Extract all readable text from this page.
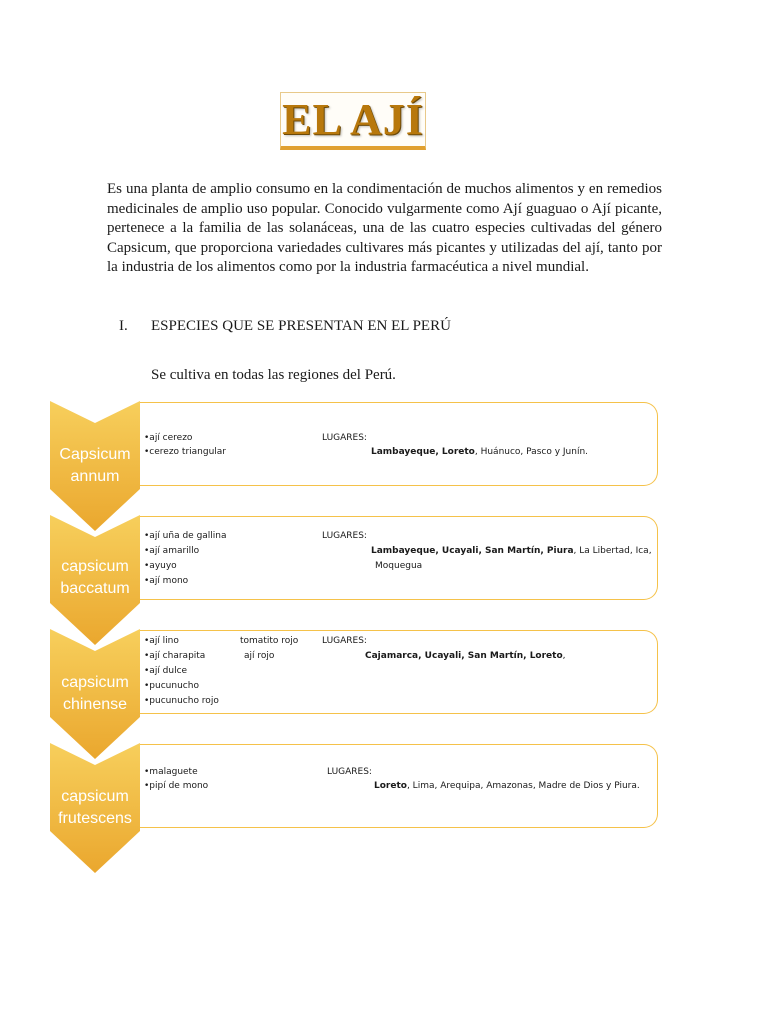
EL AJÍ
Es una planta de amplio consumo en la condimentación de muchos alimentos y en remedios medicinales de amplio uso popular. Conocido vulgarmente como Ají guaguao o Ají picante, pertenece a la familia de las solanáceas, una de las cuatro especies cultivadas del género Capsicum, que proporciona variedades cultivares más picantes y utilizadas del ají, tanto por la industria de los alimentos como por la industria farmacéutica a nivel mundial.
I. ESPECIES QUE SE PRESENTAN EN EL PERÚ
Se cultiva en todas las regiones del Perú.
Capsicum
annum
•ají cerezo
•cerezo triangular
LUGARES:
Lambayeque, Loreto, Huánuco, Pasco y Junín.
capsicum
baccatum
•ají uña de gallina
•ají amarillo
•ayuyo
•ají mono
LUGARES:
Lambayeque, Ucayali, San Martín, Piura, La Libertad, Ica,
Moquegua
capsicum
chinense
•ají lino
•ají charapita
•ají dulce
•pucunucho
•pucunucho rojo
tomatito rojo
ají rojo
LUGARES:
Cajamarca, Ucayali, San Martín, Loreto,
capsicum
frutescens
•malaguete
•pipí de mono
LUGARES:
Loreto, Lima, Arequipa, Amazonas, Madre de Dios y Piura.
